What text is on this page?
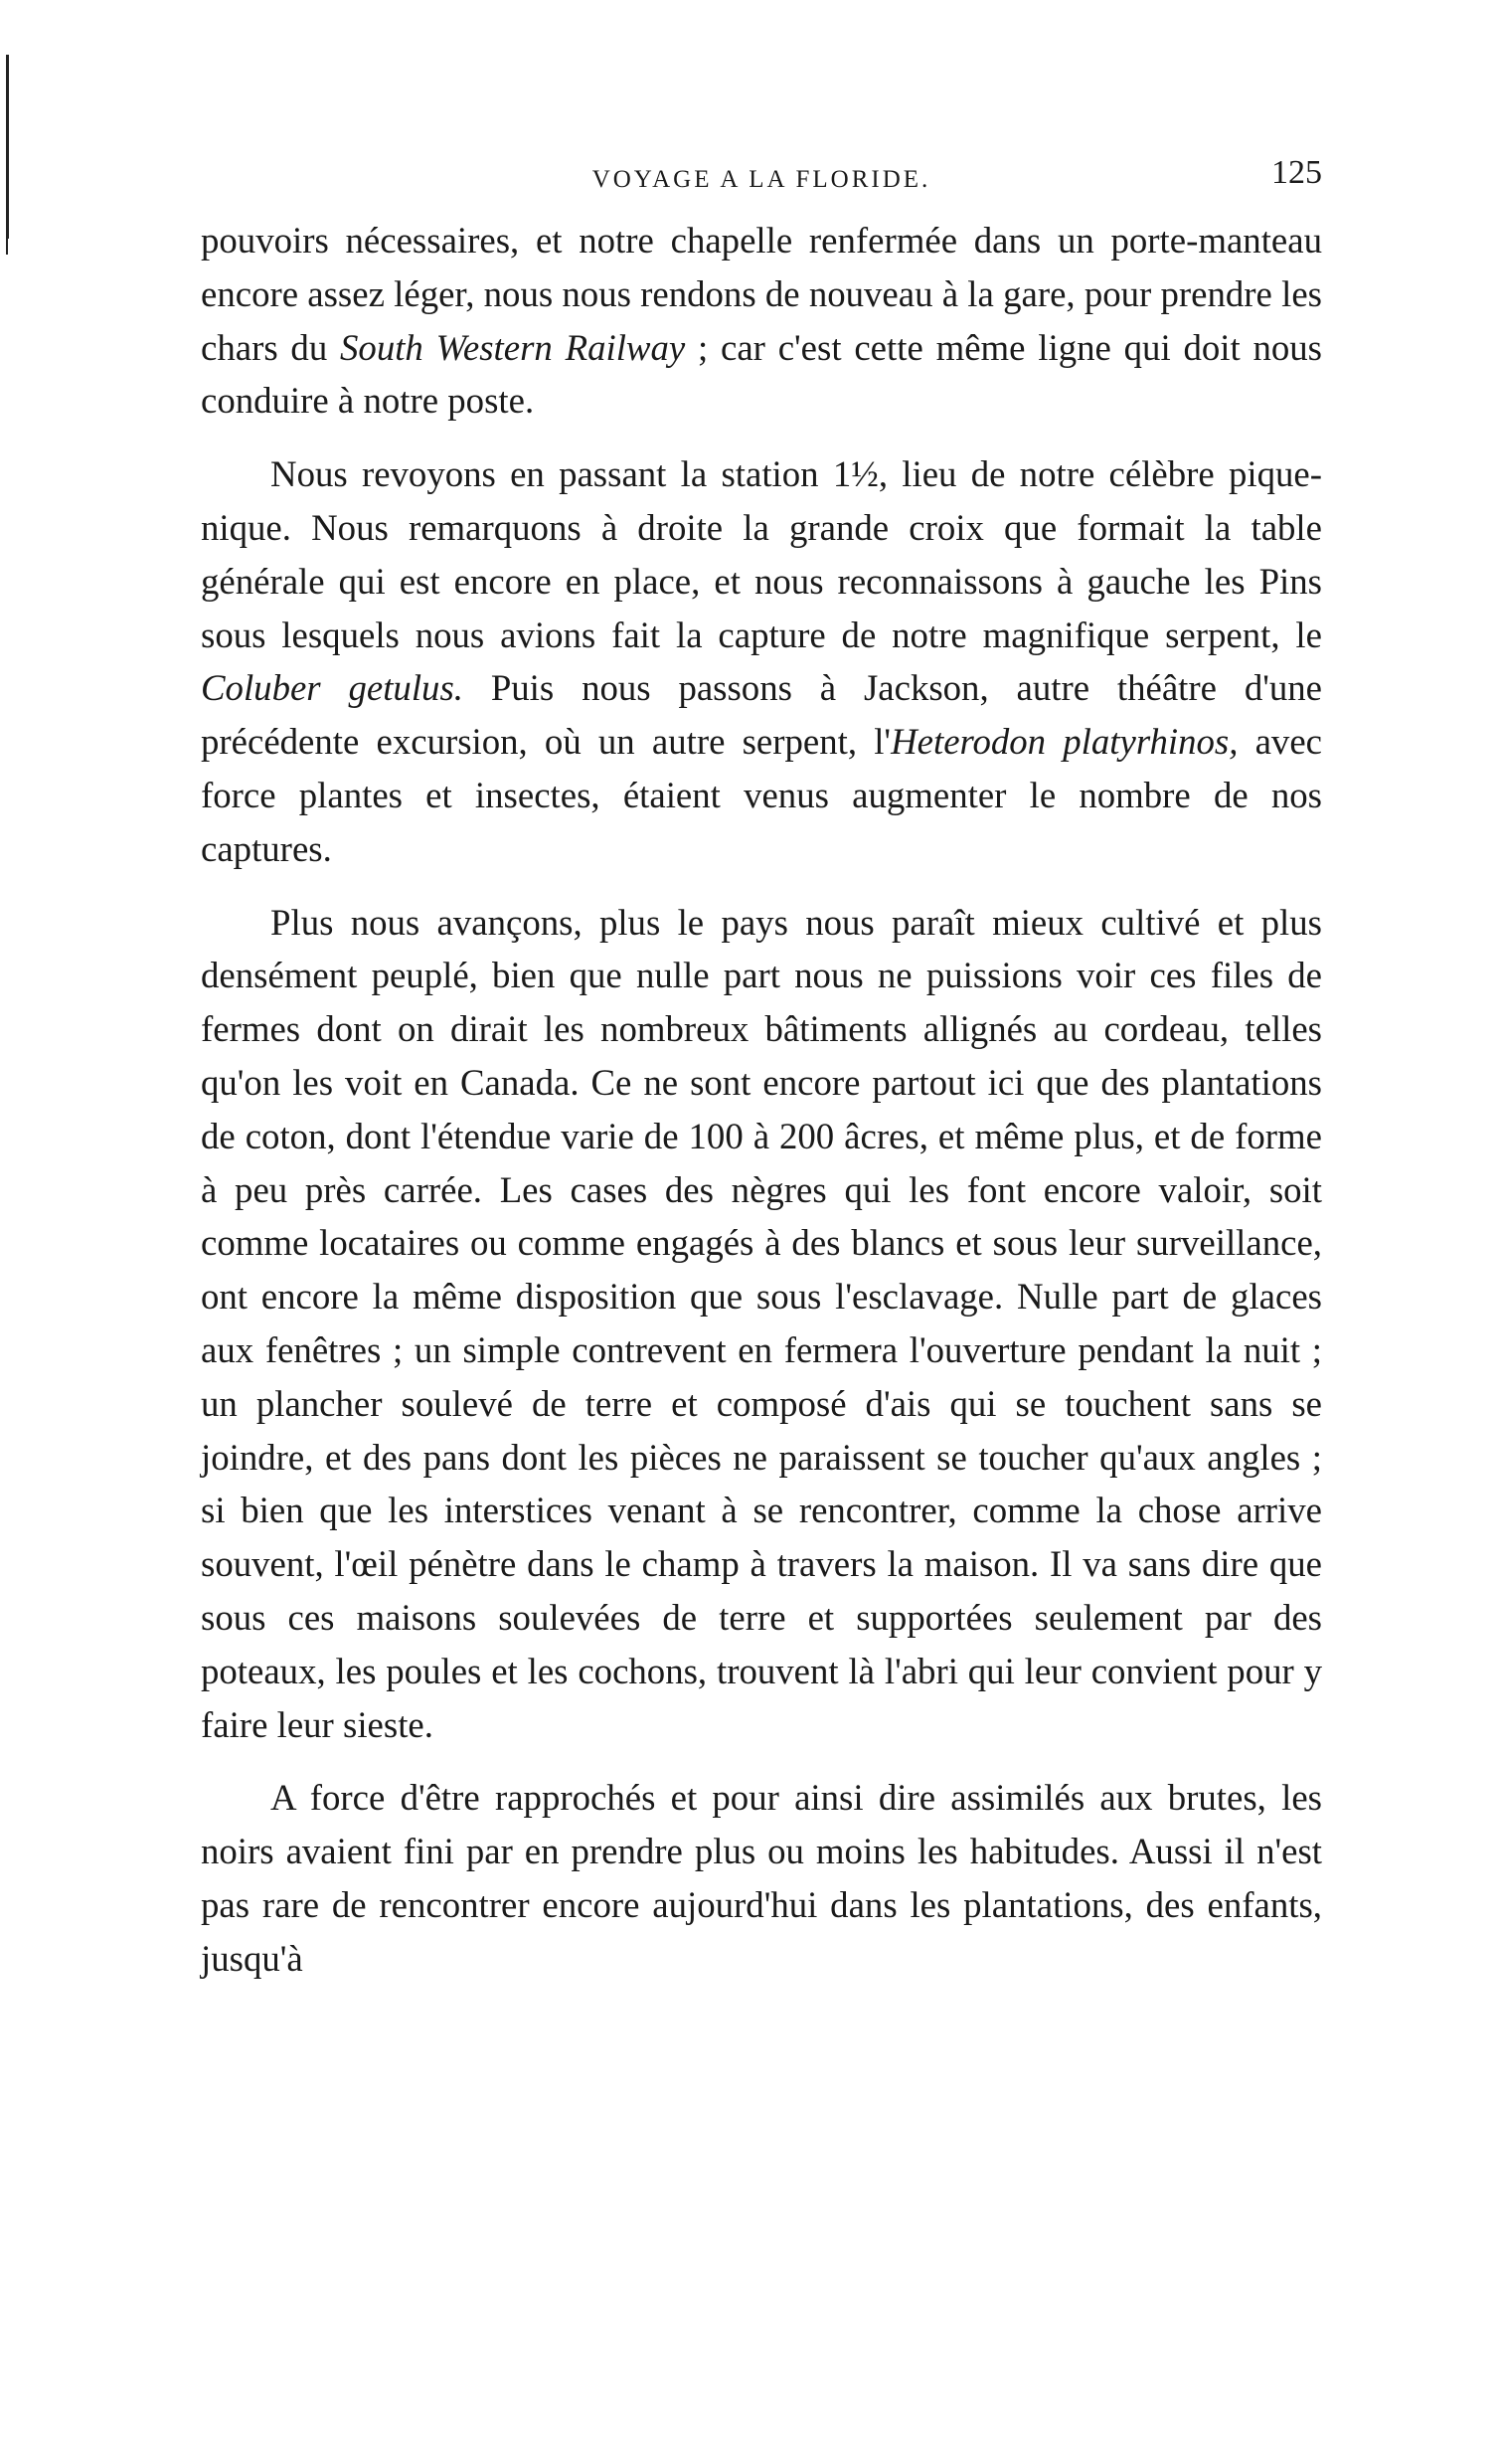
VOYAGE A LA FLORIDE.	125

pouvoirs nécessaires, et notre chapelle renfermée dans un porte-manteau encore assez léger, nous nous rendons de nouveau à la gare, pour prendre les chars du South Western Railway ; car c'est cette même ligne qui doit nous conduire à notre poste.

Nous revoyons en passant la station 1½, lieu de notre célèbre pique-nique. Nous remarquons à droite la grande croix que formait la table générale qui est encore en place, et nous reconnaissons à gauche les Pins sous lesquels nous avions fait la capture de notre magnifique serpent, le Coluber getulus. Puis nous passons à Jackson, autre théâtre d'une précédente excursion, où un autre serpent, l'Heterodon platyrhinos, avec force plantes et insectes, étaient venus augmenter le nombre de nos captures.

Plus nous avançons, plus le pays nous paraît mieux cultivé et plus densément peuplé, bien que nulle part nous ne puissions voir ces files de fermes dont on dirait les nombreux bâtiments allignés au cordeau, telles qu'on les voit en Canada. Ce ne sont encore partout ici que des plantations de coton, dont l'étendue varie de 100 à 200 âcres, et même plus, et de forme à peu près carrée. Les cases des nègres qui les font encore valoir, soit comme locataires ou comme engagés à des blancs et sous leur surveillance, ont encore la même disposition que sous l'esclavage. Nulle part de glaces aux fenêtres ; un simple contrevent en fermera l'ouverture pendant la nuit ; un plancher soulevé de terre et composé d'ais qui se touchent sans se joindre, et des pans dont les pièces ne paraissent se toucher qu'aux angles ; si bien que les interstices venant à se rencontrer, comme la chose arrive souvent, l'œil pénètre dans le champ à travers la maison. Il va sans dire que sous ces maisons soulevées de terre et supportées seulement par des poteaux, les poules et les cochons, trouvent là l'abri qui leur convient pour y faire leur sieste.

A force d'être rapprochés et pour ainsi dire assimilés aux brutes, les noirs avaient fini par en prendre plus ou moins les habitudes. Aussi il n'est pas rare de rencontrer encore aujourd'hui dans les plantations, des enfants, jusqu'à
